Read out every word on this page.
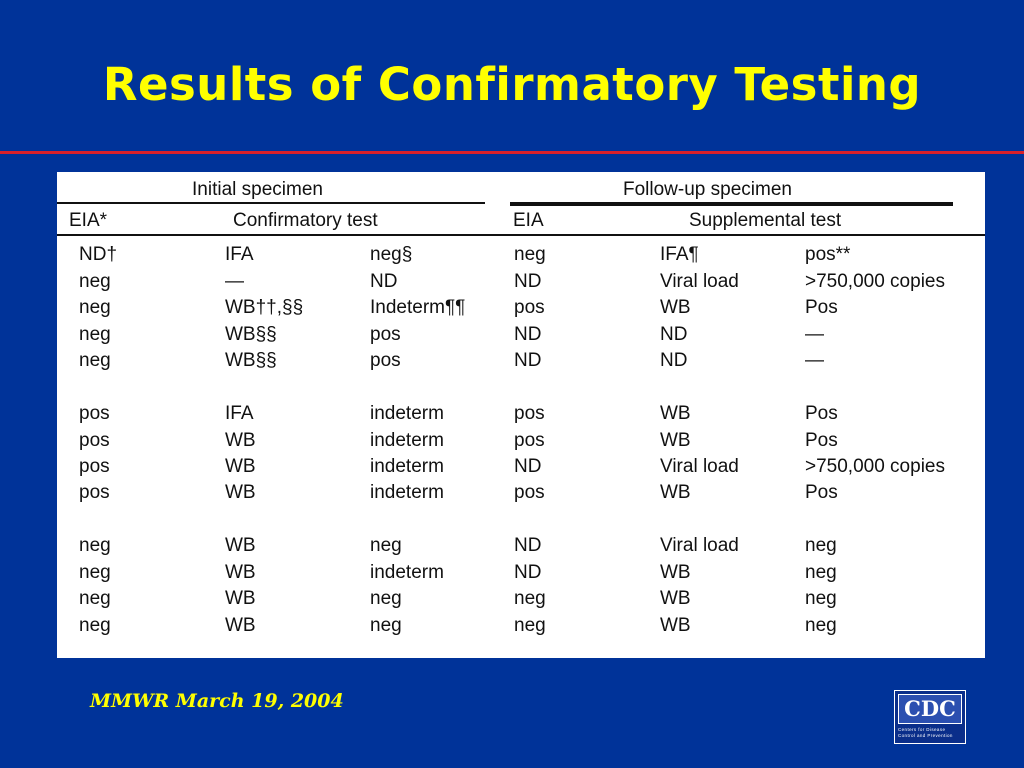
Results of Confirmatory Testing
Initial specimen	Follow-up specimen
EIA*	Confirmatory test	EIA	Supplemental test
ND†	IFA	neg§	neg	IFA¶	pos**
neg	—	ND	ND	Viral load	>750,000 copies
neg	WB††,§§	Indeterm¶¶	pos	WB	Pos
neg	WB§§	pos	ND	ND	—
neg	WB§§	pos	ND	ND	—
pos	IFA	indeterm	pos	WB	Pos
pos	WB	indeterm	pos	WB	Pos
pos	WB	indeterm	ND	Viral load	>750,000 copies
pos	WB	indeterm	pos	WB	Pos
neg	WB	neg	ND	Viral load	neg
neg	WB	indeterm	ND	WB	neg
neg	WB	neg	neg	WB	neg
neg	WB	neg	neg	WB	neg
MMWR March 19, 2004	CDC
Centers for Disease
Control and Prevention
